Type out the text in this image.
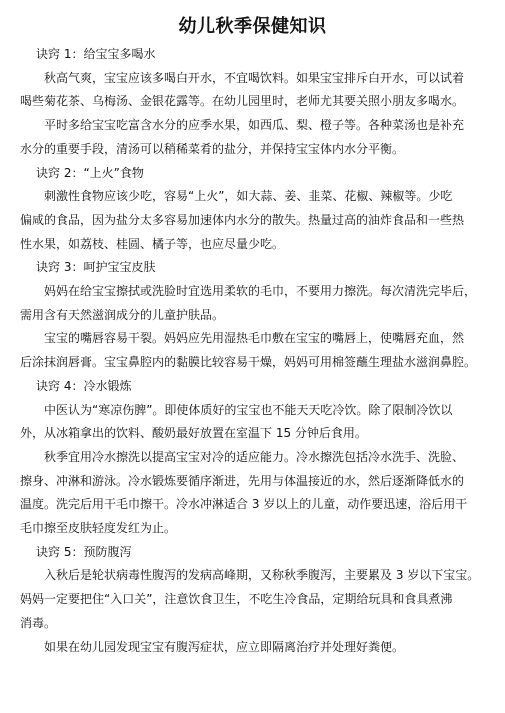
幼儿秋季保健知识
诀窍 1：给宝宝多喝水
秋高气爽，宝宝应该多喝白开水，不宜喝饮料。如果宝宝排斥白开水，可以试着
喝些菊花茶、乌梅汤、金银花露等。在幼儿园里时，老师尤其要关照小朋友多喝水。
平时多给宝宝吃富含水分的应季水果，如西瓜、梨、橙子等。各种菜汤也是补充
水分的重要手段，清汤可以稍稀菜肴的盐分，并保持宝宝体内水分平衡。
诀窍 2：“上火”食物
刺激性食物应该少吃，容易“上火”，如大蒜、姜、韭菜、花椒、辣椒等。少吃
偏咸的食品，因为盐分太多容易加速体内水分的散失。热量过高的油炸食品和一些热
性水果，如荔枝、桂圆、橘子等，也应尽量少吃。
诀窍 3：呵护宝宝皮肤
妈妈在给宝宝擦拭或洗脸时宜选用柔软的毛巾，不要用力擦洗。每次清洗完毕后，
需用含有天然滋润成分的儿童护肤品。
宝宝的嘴唇容易干裂。妈妈应先用湿热毛巾敷在宝宝的嘴唇上，使嘴唇充血，然
后涂抹润唇膏。宝宝鼻腔内的黏膜比较容易干燥，妈妈可用棉签蘸生理盐水滋润鼻腔。
诀窍 4：冷水锻炼
中医认为“寒凉伤脾”。即使体质好的宝宝也不能天天吃冷饮。除了限制冷饮以
外，从冰箱拿出的饮料、酸奶最好放置在室温下 15 分钟后食用。
秋季宜用冷水擦洗以提高宝宝对冷的适应能力。冷水擦洗包括冷水洗手、洗脸、
擦身、冲淋和游泳。冷水锻炼要循序渐进，先用与体温接近的水，然后逐渐降低水的
温度。洗完后用干毛巾擦干。冷水冲淋适合 3 岁以上的儿童，动作要迅速，浴后用干
毛巾擦至皮肤轻度发红为止。
诀窍 5：预防腹泻
入秋后是轮状病毒性腹泻的发病高峰期，又称秋季腹泻，主要累及 3 岁以下宝宝。
妈妈一定要把住“入口关”，注意饮食卫生，不吃生冷食品，定期给玩具和食具煮沸
消毒。
如果在幼儿园发现宝宝有腹泻症状，应立即隔离治疗并处理好粪便。
